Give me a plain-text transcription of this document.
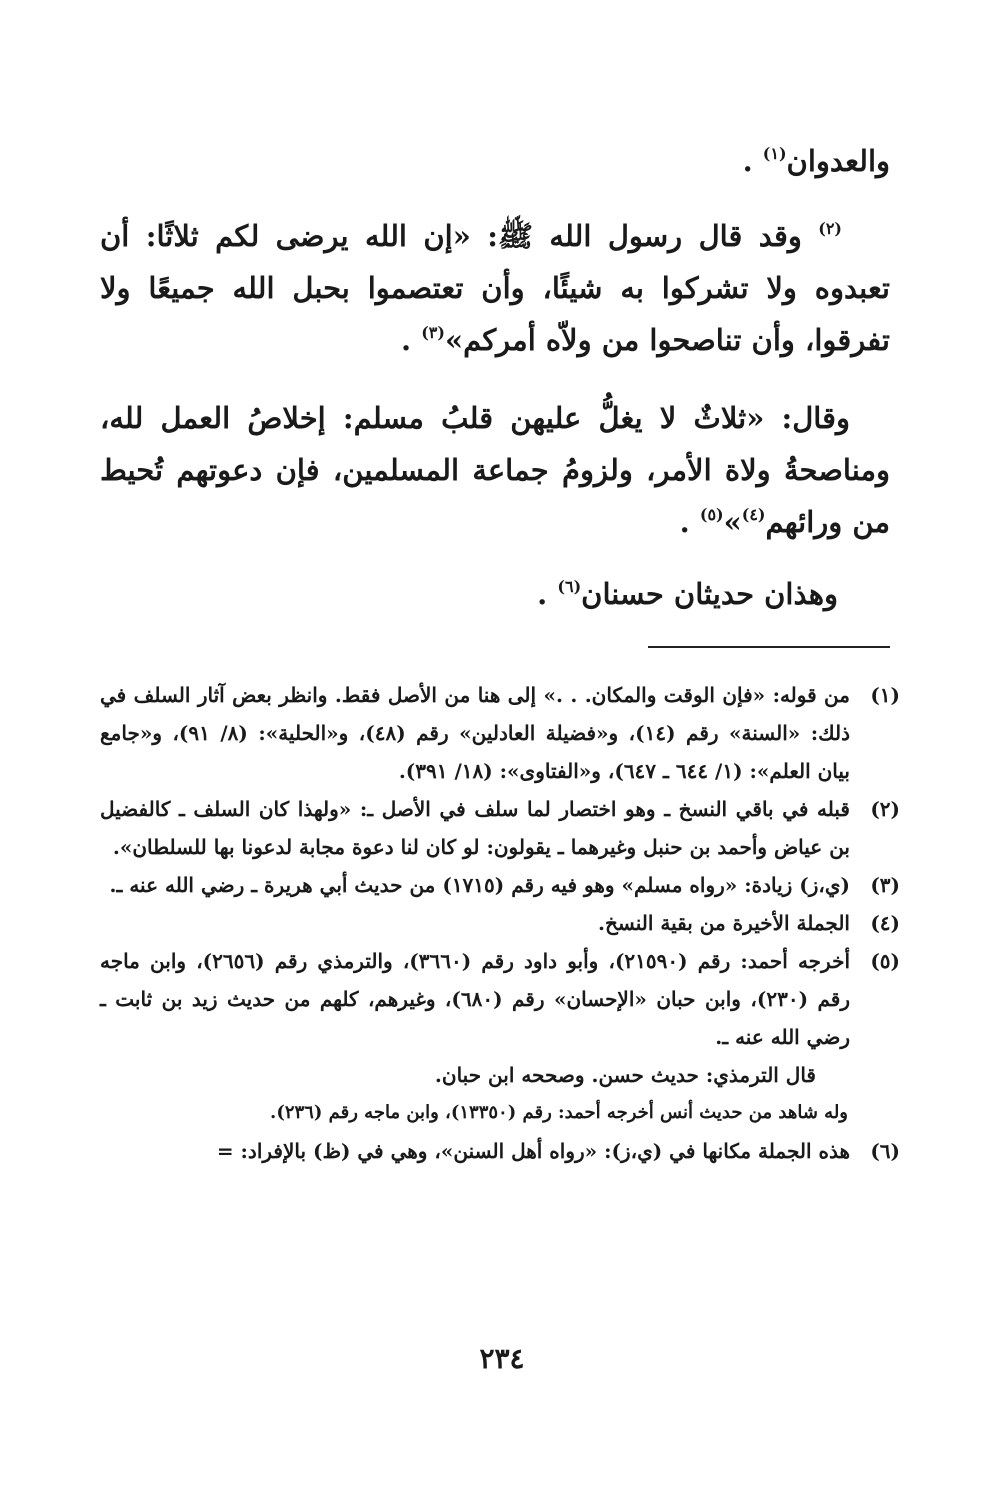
والعدوان$^{(١)}$ .

$^{(٢)}$ وقد قال رسول الله ﷺ: «إن الله يرضى لكم ثلاثًا: أن تعبدوه ولا تشركوا به شيئًا، وأن تعتصموا بحبل الله جميعًا ولا تفرقوا، وأن تناصحوا من ولاّه أمركم»$^{(٣)}$ .

وقال: «ثلاثٌ لا يغلُّ عليهن قلبُ مسلم: إخلاصُ العمل لله، ومناصحةُ ولاة الأمر، ولزومُ جماعة المسلمين، فإن دعوتهم تُحيط من ورائهم$^{(٤)}$»$^{(٥)}$ .

وهذان حديثان حسنان$^{(٦)}$ .

(١)
من قوله: «فإن الوقت والمكان. . .» إلى هنا من الأصل فقط. وانظر بعض آثار السلف في ذلك: «السنة» رقم (١٤)، و«فضيلة العادلين» رقم (٤٨)، و«الحلية»: (٨/ ٩١)، و«جامع بيان العلم»: (١/ ٦٤٤ ـ ٦٤٧)، و«الفتاوى»: (١٨/ ٣٩١).
(٢)
قبله في باقي النسخ ـ وهو اختصار لما سلف في الأصل ـ: «ولهذا كان السلف ـ كالفضيل بن عياض وأحمد بن حنبل وغيرهما ـ يقولون: لو كان لنا دعوة مجابة لدعونا بها للسلطان».
(٣)
(ي،ز) زيادة: «رواه مسلم» وهو فيه رقم (١٧١٥) من حديث أبي هريرة ـ رضي الله عنه ـ.
(٤)
الجملة الأخيرة من بقية النسخ.
(٥)
أخرجه أحمد: رقم (٢١٥٩٠)، وأبو داود رقم (٣٦٦٠)، والترمذي رقم (٢٦٥٦)، وابن ماجه رقم (٢٣٠)، وابن حبان «الإحسان» رقم (٦٨٠)، وغيرهم، كلهم من حديث زيد بن ثابت ـ رضي الله عنه ـ.
قال الترمذي: حديث حسن. وصححه ابن حبان.
وله شاهد من حديث أنس أخرجه أحمد: رقم (١٣٣٥٠)، وابن ماجه رقم (٢٣٦).
(٦)
هذه الجملة مكانها في (ي،ز): «رواه أهل السنن»، وهي في (ظ) بالإفراد: =
٢٣٤
